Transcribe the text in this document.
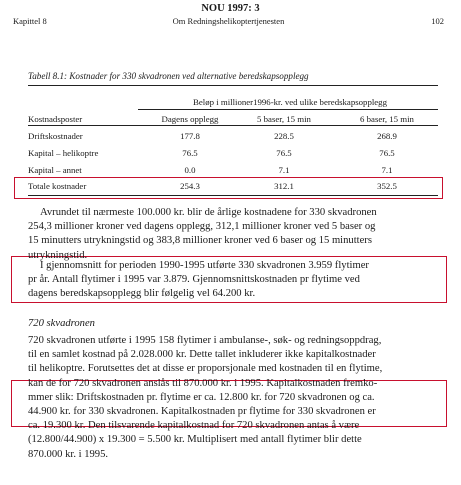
NOU 1997: 3
Kapittel 8	Om Redningshelikoptertjenesten	102
Tabell 8.1: Kostnader for 330 skvadronen ved alternative beredskapsopplegg
Beløp i millioner1996-kr. ved ulike beredskapsopplegg
Kostnadsposter	Dagens opplegg	5 baser, 15 min	6 baser, 15 min
Driftskostnader	177.8	228.5	268.9
Kapital – helikoptre	76.5	76.5	76.5
Kapital – annet	0.0	7.1	7.1
Totale kostnader	254.3	312.1	352.5
Avrundet til nærmeste 100.000 kr. blir de årlige kostnadene for 330 skvadronen
254,3 millioner kroner ved dagens opplegg, 312,1 millioner kroner ved 5 baser og
15 minutters utrykningstid og 383,8 millioner kroner ved 6 baser og 15 minutters
utrykningstid.
I gjennomsnitt for perioden 1990-1995 utførte 330 skvadronen 3.959 flytimer
pr år. Antall flytimer i 1995 var 3.879. Gjennomsnittskostnaden pr flytime ved
dagens beredskapsopplegg blir følgelig vel 64.200 kr.
720 skvadronen
720 skvadronen utførte i 1995 158 flytimer i ambulanse-, søk- og redningsoppdrag,
til en samlet kostnad på 2.028.000 kr. Dette tallet inkluderer ikke kapitalkostnader
til helikoptre. Forutsettes det at disse er proporsjonale med kostnaden til en flytime,
kan de for 720 skvadronen anslås til 870.000 kr. i 1995. Kapitalkostnaden fremko-
mmer slik: Driftskostnaden pr. flytime er ca. 12.800 kr. for 720 skvadronen og ca.
44.900 kr. for 330 skvadronen. Kapitalkostnaden pr flytime for 330 skvadronen er
ca. 19.300 kr. Den tilsvarende kapitalkostnad for 720 skvadronen antas å være
(12.800/44.900) x 19.300 = 5.500 kr. Multiplisert med antall flytimer blir dette
870.000 kr. i 1995.
